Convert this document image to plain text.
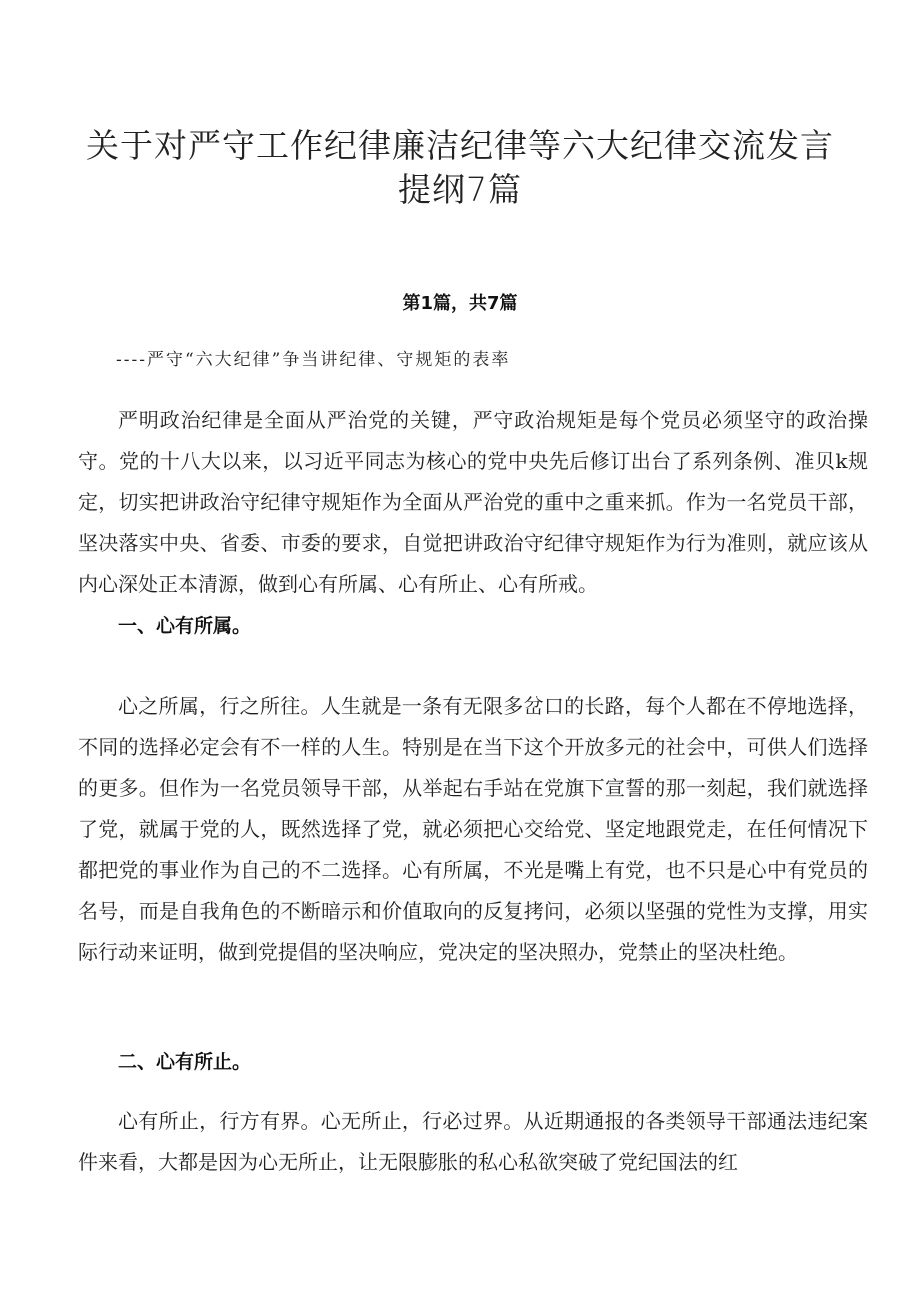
关于对严守工作纪律廉洁纪律等六大纪律交流发言
提纲7篇
第1篇，共7篇
----严守“六大纪律”争当讲纪律、守规矩的表率
严明政治纪律是全面从严治党的关键，严守政治规矩是每个党员必须坚守的政治操守。党的十八大以来，以习近平同志为核心的党中央先后修订出台了系列条例、准贝k规定，切实把讲政治守纪律守规矩作为全面从严治党的重中之重来抓。作为一名党员干部，坚决落实中央、省委、市委的要求，自觉把讲政治守纪律守规矩作为行为准则，就应该从内心深处正本清源，做到心有所属、心有所止、心有所戒。
一、心有所属。
心之所属，行之所往。人生就是一条有无限多岔口的长路，每个人都在不停地选择，不同的选择必定会有不一样的人生。特别是在当下这个开放多元的社会中，可供人们选择的更多。但作为一名党员领导干部，从举起右手站在党旗下宣誓的那一刻起，我们就选择了党，就属于党的人，既然选择了党，就必须把心交给党、坚定地跟党走，在任何情况下都把党的事业作为自己的不二选择。心有所属，不光是嘴上有党，也不只是心中有党员的名号，而是自我角色的不断暗示和价值取向的反复拷问，必须以坚强的党性为支撑，用实际行动来证明，做到党提倡的坚决响应，党决定的坚决照办，党禁止的坚决杜绝。
二、心有所止。
心有所止，行方有界。心无所止，行必过界。从近期通报的各类领导干部通法违纪案件来看，大都是因为心无所止，让无限膨胀的私心私欲突破了党纪国法的红
